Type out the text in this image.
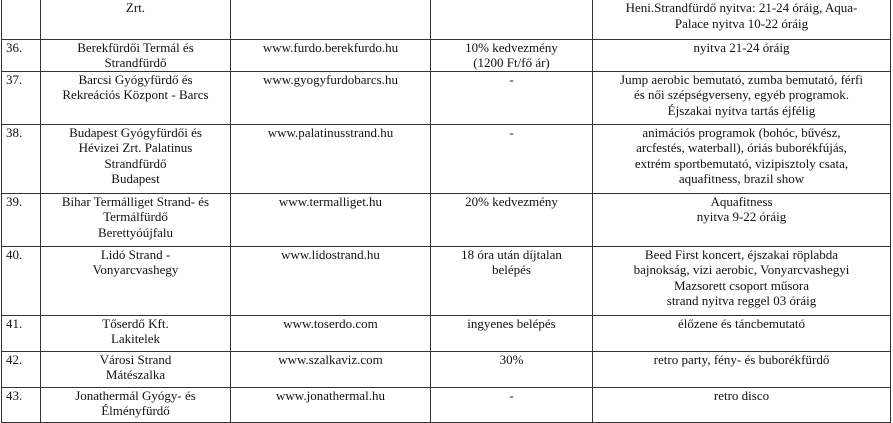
	Zrt.			Heni.Strandfürdő nyitva: 21-24 óráig, Aqua-
Palace nyitva 10-22 óráig

36.	Berekfürdői Termál és
Strandfürdő	www.furdo.berekfurdo.hu	10% kedvezmény
(1200 Ft/fő ár)	nyitva 21-24 óráig

37.	Barcsi Gyógyfürdő és
Rekreációs Központ - Barcs	www.gyogyfurdobarcs.hu	-	Jump aerobic bemutató, zumba bemutató, férfi
és női szépségverseny, egyéb programok.
Éjszakai nyitva tartás éjfélig

38.	Budapest Gyógyfürdői és
Hévizei Zrt. Palatinus
Strandfürdő
Budapest	www.palatinusstrand.hu	-	animációs programok (bohóc, bűvész,
arcfestés, waterball), óriás buborékfújás,
extrém sportbemutató, vizipisztoly csata,
aquafitness, brazil show

39.	Bihar Termálliget Strand- és
Termálfürdő
Berettyóújfalu	www.termalliget.hu	20% kedvezmény	Aquafitness
nyitva 9-22 óráig

40.	Lidó Strand -
Vonyarcvashegy	www.lidostrand.hu	18 óra után díjtalan
belépés	Beed First koncert, éjszakai röplabda
bajnokság, vizi aerobic, Vonyarcvashegyi
Mazsorett csoport műsora
strand nyitva reggel 03 óráig

41.	Tőserdő Kft.
Lakitelek	www.toserdo.com	ingyenes belépés	élőzene és táncbemutató

42.	Városi Strand
Mátészalka	www.szalkaviz.com	30%	retro party, fény- és buborékfürdő

43.	Jonathermál Gyógy- és
Élményfürdő	www.jonathermal.hu	-	retro disco
